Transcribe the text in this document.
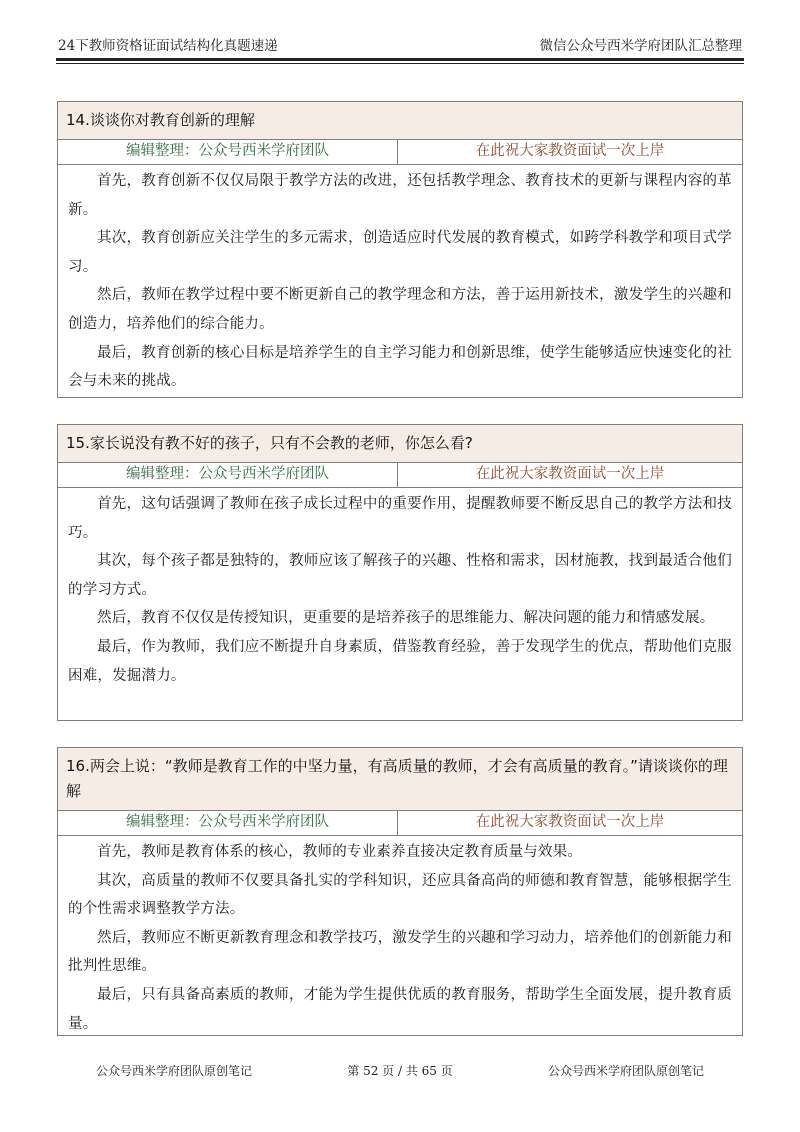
24下教师资格证面试结构化真题速递	微信公众号西米学府团队汇总整理
14.谈谈你对教育创新的理解
编辑整理：公众号西米学府团队	在此祝大家教资面试一次上岸

首先，教育创新不仅仅局限于教学方法的改进，还包括教学理念、教育技术的更新与课程内容的革新。

其次，教育创新应关注学生的多元需求，创造适应时代发展的教育模式，如跨学科教学和项目式学习。

然后，教师在教学过程中要不断更新自己的教学理念和方法，善于运用新技术，激发学生的兴趣和创造力，培养他们的综合能力。

最后，教育创新的核心目标是培养学生的自主学习能力和创新思维，使学生能够适应快速变化的社会与未来的挑战。

15.家长说没有教不好的孩子，只有不会教的老师，你怎么看?
编辑整理：公众号西米学府团队	在此祝大家教资面试一次上岸

首先，这句话强调了教师在孩子成长过程中的重要作用，提醒教师要不断反思自己的教学方法和技巧。

其次，每个孩子都是独特的，教师应该了解孩子的兴趣、性格和需求，因材施教，找到最适合他们的学习方式。

然后，教育不仅仅是传授知识，更重要的是培养孩子的思维能力、解决问题的能力和情感发展。

最后，作为教师，我们应不断提升自身素质，借鉴教育经验，善于发现学生的优点，帮助他们克服困难，发掘潜力。

16.两会上说：“教师是教育工作的中坚力量，有高质量的教师，才会有高质量的教育。”请谈谈你的理解
编辑整理：公众号西米学府团队	在此祝大家教资面试一次上岸

首先，教师是教育体系的核心，教师的专业素养直接决定教育质量与效果。

其次，高质量的教师不仅要具备扎实的学科知识，还应具备高尚的师德和教育智慧，能够根据学生的个性需求调整教学方法。

然后，教师应不断更新教育理念和教学技巧，激发学生的兴趣和学习动力，培养他们的创新能力和批判性思维。

最后，只有具备高素质的教师，才能为学生提供优质的教育服务，帮助学生全面发展，提升教育质量。

公众号西米学府团队原创笔记	第 52 页 / 共 65 页	公众号西米学府团队原创笔记
